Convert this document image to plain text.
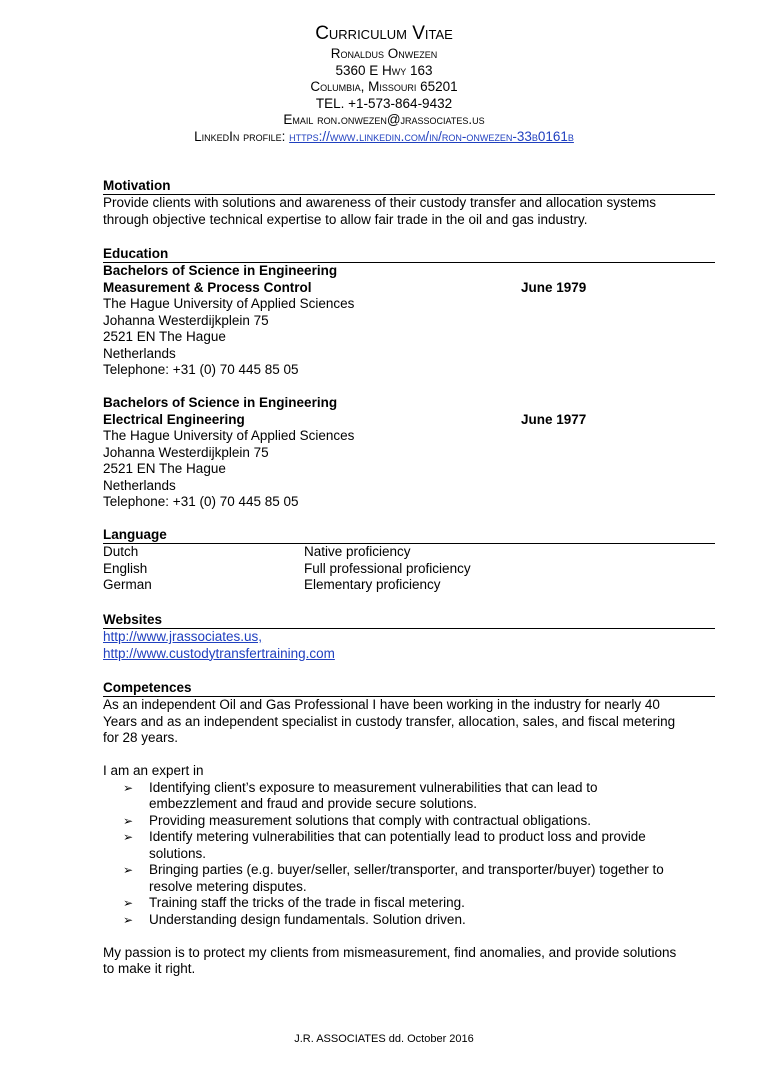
Curriculum Vitae
Ronaldus Onwezen
5360 E Hwy 163
Columbia, Missouri 65201
TEL. +1-573-864-9432
Email ron.onwezen@jrassociates.us
LinkedIn profile: https://www.linkedin.com/in/ron-onwezen-33b0161b
Motivation
Provide clients with solutions and awareness of their custody transfer and allocation systems
through objective technical expertise to allow fair trade in the oil and gas industry.
Education
Bachelors of Science in Engineering
Measurement & Process Control	June 1979
The Hague University of Applied Sciences
Johanna Westerdijkplein 75
2521 EN The Hague
Netherlands
Telephone: +31 (0) 70 445 85 05
Bachelors of Science in Engineering
Electrical Engineering	June 1977
The Hague University of Applied Sciences
Johanna Westerdijkplein 75
2521 EN The Hague
Netherlands
Telephone: +31 (0) 70 445 85 05
Language
Dutch	Native proficiency
English	Full professional proficiency
German	Elementary proficiency
Websites
http://www.jrassociates.us,
http://www.custodytransfertraining.com
Competences
As an independent Oil and Gas Professional I have been working in the industry for nearly 40
Years and as an independent specialist in custody transfer, allocation, sales, and fiscal metering
for 28 years.
I am an expert in
➢ Identifying client’s exposure to measurement vulnerabilities that can lead to
embezzlement and fraud and provide secure solutions.
➢ Providing measurement solutions that comply with contractual obligations.
➢ Identify metering vulnerabilities that can potentially lead to product loss and provide
solutions.
➢ Bringing parties (e.g. buyer/seller, seller/transporter, and transporter/buyer) together to
resolve metering disputes.
➢ Training staff the tricks of the trade in fiscal metering.
➢ Understanding design fundamentals. Solution driven.
My passion is to protect my clients from mismeasurement, find anomalies, and provide solutions
to make it right.
J.R. ASSOCIATES dd. October 2016
